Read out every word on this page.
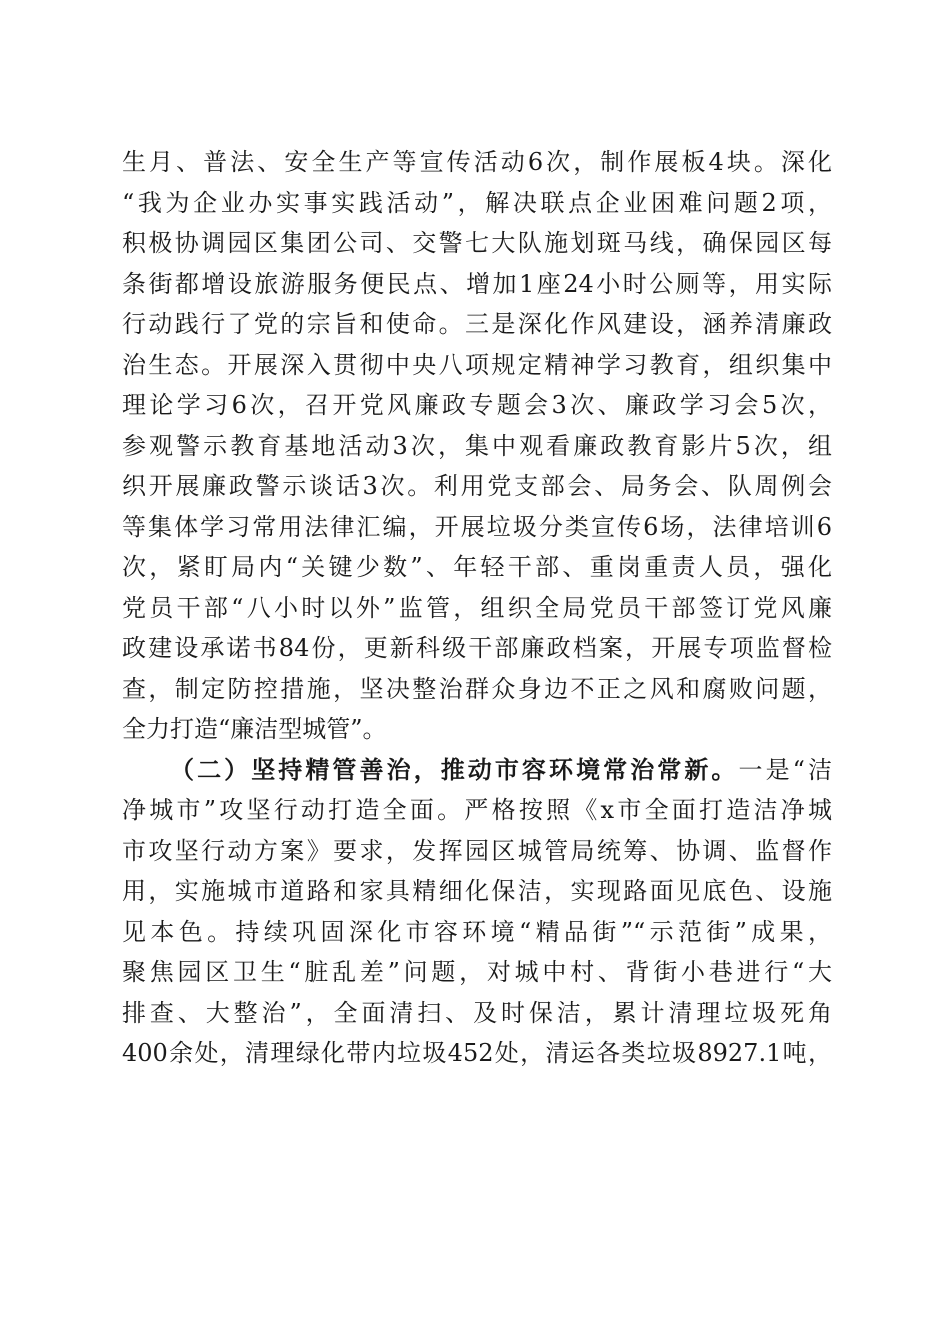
生月、普法、安全生产等宣传活动6次，制作展板4块。深化
“我为企业办实事实践活动”，解决联点企业困难问题2项，
积极协调园区集团公司、交警七大队施划斑马线，确保园区每
条街都增设旅游服务便民点、增加1座24小时公厕等，用实际
行动践行了党的宗旨和使命。三是深化作风建设，涵养清廉政
治生态。开展深入贯彻中央八项规定精神学习教育，组织集中
理论学习6次，召开党风廉政专题会3次、廉政学习会5次，
参观警示教育基地活动3次，集中观看廉政教育影片5次，组
织开展廉政警示谈话3次。利用党支部会、局务会、队周例会
等集体学习常用法律汇编，开展垃圾分类宣传6场，法律培训6
次，紧盯局内“关键少数”、年轻干部、重岗重责人员，强化
党员干部“八小时以外”监管，组织全局党员干部签订党风廉
政建设承诺书84份，更新科级干部廉政档案，开展专项监督检
查，制定防控措施，坚决整治群众身边不正之风和腐败问题，
全力打造“廉洁型城管”。
（二）坚持精管善治，推动市容环境常治常新。一是“洁
净城市”攻坚行动打造全面。严格按照《x市全面打造洁净城
市攻坚行动方案》要求，发挥园区城管局统筹、协调、监督作
用，实施城市道路和家具精细化保洁，实现路面见底色、设施
见本色。持续巩固深化市容环境“精品街”“示范街”成果，
聚焦园区卫生“脏乱差”问题，对城中村、背街小巷进行“大
排查、大整治”，全面清扫、及时保洁，累计清理垃圾死角
400余处，清理绿化带内垃圾452处，清运各类垃圾8927.1吨，
